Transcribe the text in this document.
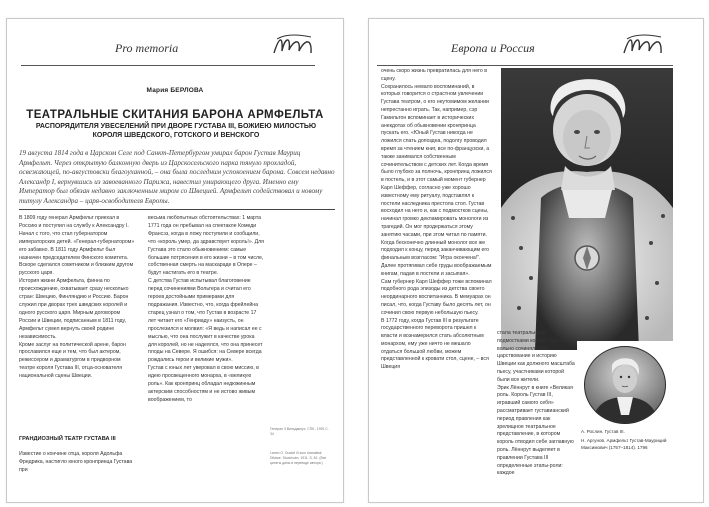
Pro memoria
Мария БЕРЛОВА
ТЕАТРАЛЬНЫЕ СКИТАНИЯ БАРОНА АРМФЕЛЬТА
РАСПОРЯДИТЕЛЯ УВЕСЕЛЕНИЙ ПРИ ДВОРЕ ГУСТАВА III, БОЖИЕЮ МИЛОСТЬЮ КОРОЛЯ ШВЕДСКОГО, ГОТСКОГО И ВЕНСКОГО
19 августа 1814 года в Царском Селе под Санкт-Петербургом умирал барон Густав Мауриц Армфельт. Через открытую балконную дверь из Царскосельского парка тянуло прохладой, освежающей, по-августовски благоуханной, – она была последним успокоением барона. Совсем недавно Александр I, вернувшись из завоеванного Парижа, навестил умирающего друга. Именно ему Император был обязан недавно заключенным миром со Швецией. Армфельт содействовал и новому титулу Александра – царя-освободителя Европы.
В 1809 году генерал Армфельт приехал в Россию и поступил на службу к Александру I. Начал с того, что стал губернатором императорских детей. «Генерал-губернатором» его забавно. В 1811 году Армфельт был назначен председателем Финского комитета. Вскоре сделался советником и близким другом русского царя.
История жизни Армфельта, финна по происхождению, охватывает сразу несколько стран: Швецию, Финляндию и Россию. Барон служил при дворах трех шведских королей и одного русского царя. Мирным договором России и Швеции, подписанным в 1811 году, Армфельт сумел вернуть своей родине независимость.
Кроме заслуг на политической арене, барон прославился еще и тем, что был актером, режиссером и драматургом в придворном театре короля Густава III, отца-основателя национальной сцены Швеции.
ГРАНДИОЗНЫЙ ТЕАТР ГУСТАВА III
Известие о кончине отца, короля Адольфа Фредрика, настигло юного кронпринца Густава при
весьма любопытных обстоятельствах: 1 марта 1771 года он пребывал на спектакле Комеди Франсэз, когда в ложу поступили и сообщили, что «король умер, да здравствует король!». Для Густава это стало обыкновением: самые большие потрясения в его жизни – в том числе, собственная смерть на маскараде в Опере – будут настигать его в театре.
С детства Густав испытывал благоговение перед сочинениями Вольтера и считал его героев достойными примерами для подражания. Известно, что, когда фрейлейна старец узнал о том, что Густав в возрасте 17 лет читает его «Генриаду» наизусть, он прослезился и молвил: «Я ведь и написал ее с мыслью, что она послужит в качестве урока для королей, но не надеялся, что она принесет плоды на Севере. Я ошибся: на Севере всегда рождались герои и великие мужи».
Густав с юных лет уверовал в свою миссию, в идею просвещенного монарха, в «великую роль». Как кронпринц обладал недюжинным актерским способностям и не истово живым воображением, то

Генерал 3 Вильдаклус. СПб., 1991 С. 34

Lamm O. Gustaf III som dramatisk Diktare. Stockholm, 1911. S. 81. (Все цитаты даны в переводе автора.)

Европа и Россия
очень скоро жизнь превратилась для него в сцену.
Сохранилось немало воспоминаний, в которых говорится о страстном увлечении Густава театром, о его неутомимом желании непрестанно играть. Так, например, сэр Гамильтон вспоминает в исторических анекдотах об обыкновении кронпринца пускать его. «Юный Густав никогда не ложился спать допоздна, подолгу проводил время за чтением книг, все по-французски, а также занимался собственным сочинительством с детских лет. Когда время было глубоко за полночь, кронпринц ложился в постель, и в этот самый момент губернер Карл Шеффер, согласно уже хорошо известному ему ритуалу, подставлял к постели наследника престола стол. Густав восходил на него и, как с подмостков сцены, начинал громко декламировать монологи из трагедий. Он мог продержаться этому занятию часами, при этом читал по памяти. Когда бесконечно длинный монолог все же подходил к концу, перед заканчивающим его финальным возгласом: "Игра окончена!". Далее протягивал себе груды воображаемым книгам, падая в постели и засыпая».
Сам губернер Карл Шеффер тоже вспоминал подобного рода эпизоды из детства своего неординарного воспитанника. В мемуарах он писал, что, когда Густаву было десять лет, он сочинил свою первую небольшую пьесу.
В 1772 году, когда Густав III в результате государственного переворота пришел к власти и вознамерился стать абсолютным монархом, ему уже ничто не мешало отдаться большой любви, можем представленной к кровати стол, сцене, – вся Швеция
стала театральными подмостками короля. Густав III вольно сочинял свою царствование и историю Швеции как должного масштаба пьесу, участниками которой были все жители.
Эрик Лённрут в книге «Великая роль. Король Густав III, игравший самого себя» рассматривает густавианский период правления как зрелищное театральное представление, в котором король отводил себе заглавную роль. Лённрут выделяет в правлении Густава III определенные этапы-роли: каждое

А. Рослин. Густав III.

Н. Аргунов. Армфельт Густав-Мауриций Максимович (1757–1814). 1796
